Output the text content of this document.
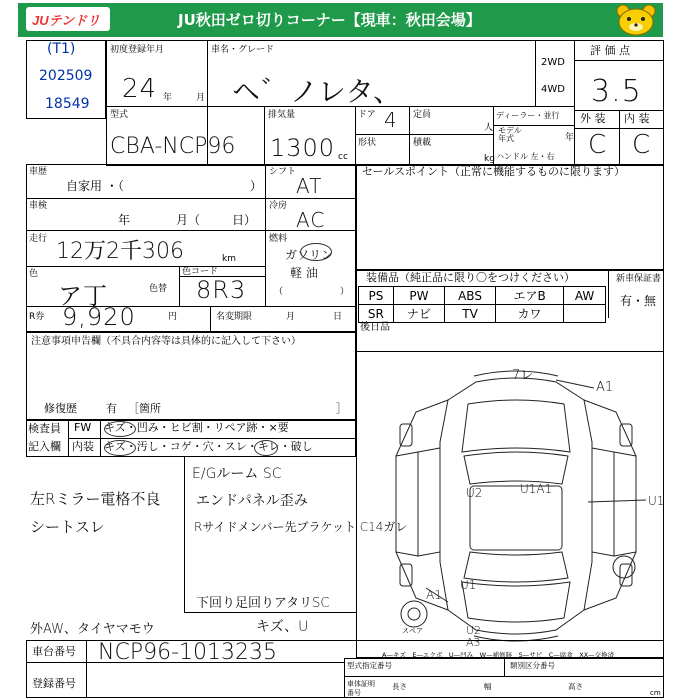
JUテンドリ	JU秋田ゼロ切りコーナー【現車：秋田会場】
(T1)
202509
18549
初度登録年月
年	月
24
車名・グレード
ヘ゛ノレタ、
2WD
4WD
評 価 点
3.5
型式
CBA-NCP96
排気量
1300 cc
ドア 4 定員
人
形状	積載
kg
ディーラー・並行
モデル
年式	年
ハンドル 左・右
外 装 内 装
C C
車歴
自家用 ・（	）
シフト
AT
車検
年	月（	日）
冷房
AC
走行 12万2千306	km
燃料
ガソリン
軽 油
（	）
色
ア丁	色替
色コード
8R3
R券 9,920	円	名変期限	月	日
注意事項申告欄（不具合内容等は具体的に記入して下さい）
修復歴	有 ［箇所	］
検査員
記入欄
FW キズ・凹み・ヒビ割・リペア跡・×要
内装 キズ・汚し・コゲ・穴・スレ・キレ・破し
E/Gルーム SC
エンドパネル歪み
左Rミラー電格不良
シートスレ	Rサイドメンバー先ブラケット C14ガレ
下回り足回りアタリSC
外AW、タイヤマモウ	キズ、U
セールスポイント（正常に機能するものに限ります）
装備品（純正品に限り〇をつけください）	新車保証書
有・無
PS	PW	ABS	エアB	AW
SR	ナビ	TV	カワ	
後日品
7レ
A1
U2	U1A1
U1
U1
A1
U2
A3
スペア
A—キズ　E—エクボ　U—凹み　W—補修跡　S—サビ　C—腐食　XX—交換済
車台番号
登録番号
NCP96-1013235
型式指定番号	類別区分番号
車体証明
番号
長さ	幅	高さ
cm
